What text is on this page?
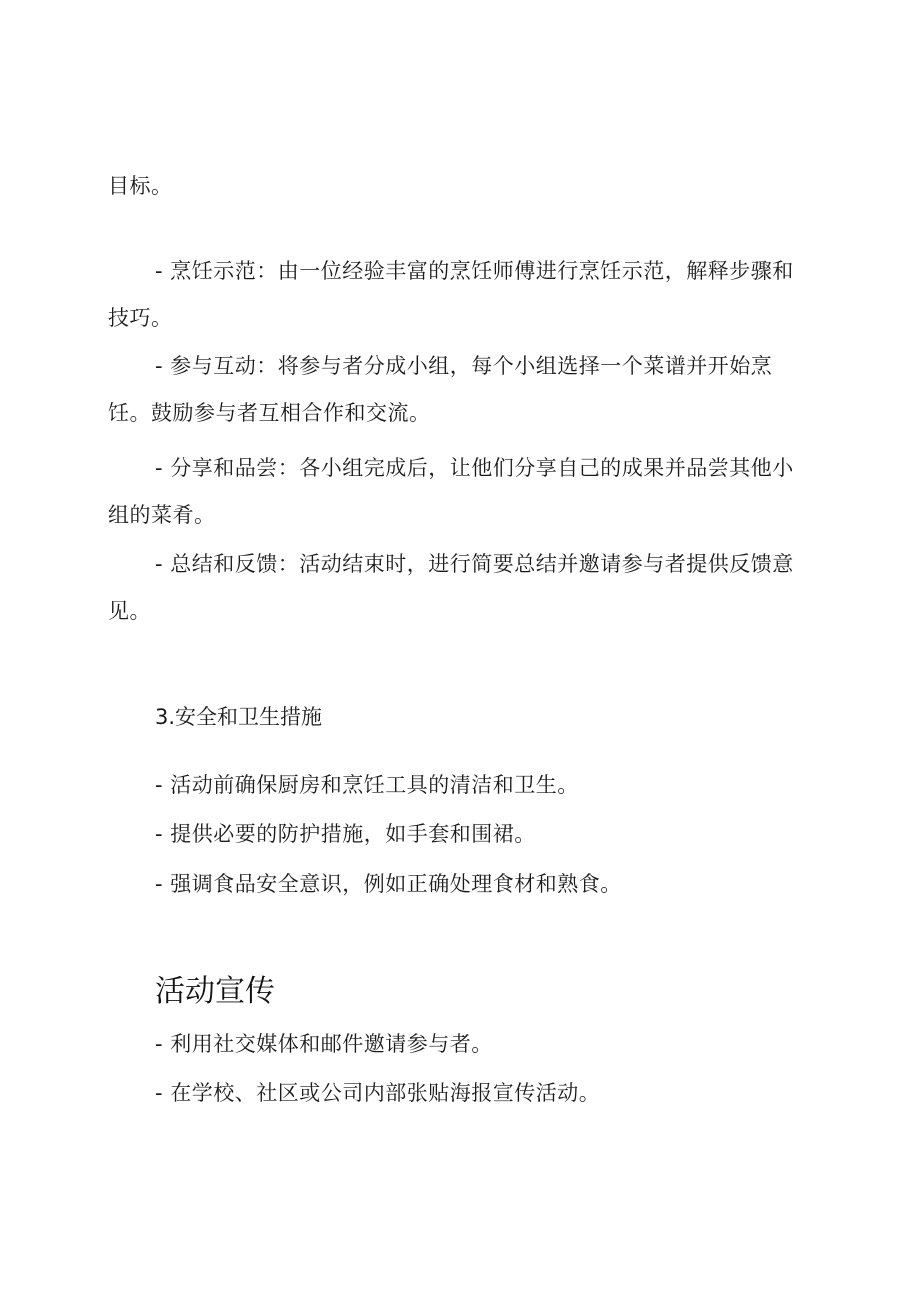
目标。

- 烹饪示范：由一位经验丰富的烹饪师傅进行烹饪示范，解释步骤和技巧。

- 参与互动：将参与者分成小组，每个小组选择一个菜谱并开始烹饪。鼓励参与者互相合作和交流。

- 分享和品尝：各小组完成后，让他们分享自己的成果并品尝其他小组的菜肴。

- 总结和反馈：活动结束时，进行简要总结并邀请参与者提供反馈意见。

3.安全和卫生措施

- 活动前确保厨房和烹饪工具的清洁和卫生。

- 提供必要的防护措施，如手套和围裙。

- 强调食品安全意识，例如正确处理食材和熟食。

活动宣传

- 利用社交媒体和邮件邀请参与者。

- 在学校、社区或公司内部张贴海报宣传活动。
